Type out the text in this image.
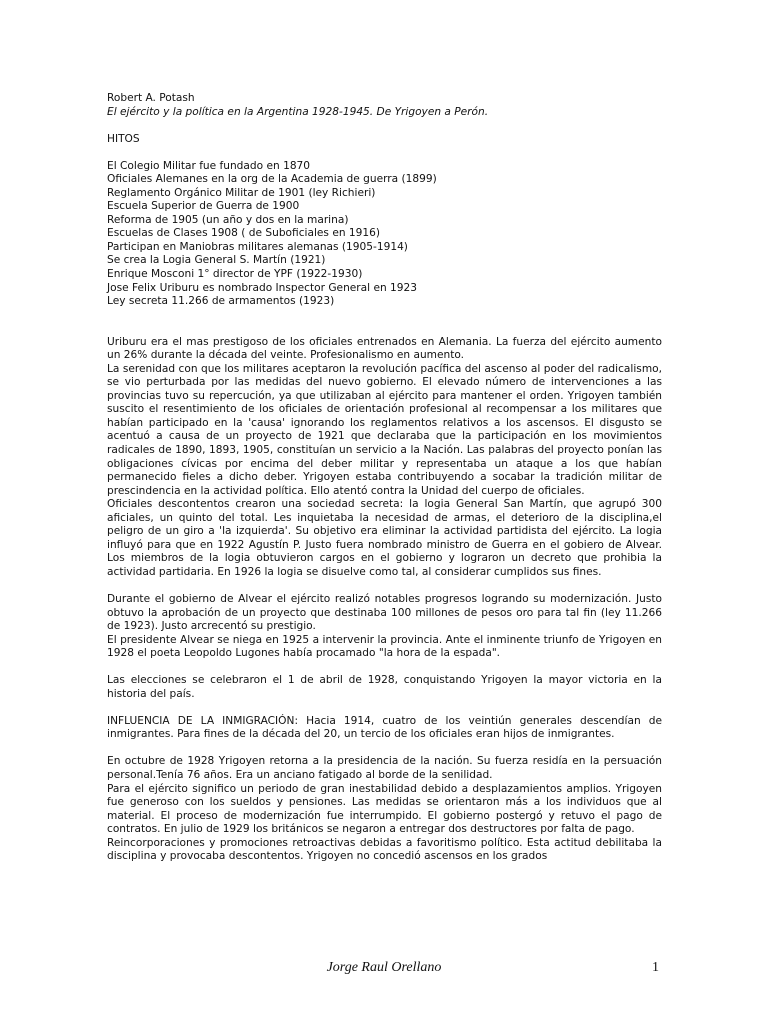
Robert A. Potash

El ejército y la política en la Argentina 1928-1945. De Yrigoyen a Perón.

HITOS

El Colegio Militar fue fundado en 1870
Oficiales Alemanes en la org de la Academia de guerra (1899)
Reglamento Orgánico Militar de 1901 (ley Richieri)
Escuela Superior de Guerra de 1900
Reforma de 1905 (un año y dos en la marina)
Escuelas de Clases 1908 ( de Suboficiales en 1916)
Participan en Maniobras militares alemanas (1905-1914)
Se crea la Logia General S. Martín (1921)
Enrique Mosconi 1° director de YPF (1922-1930)
Jose Felix Uriburu es nombrado Inspector General en 1923
Ley secreta 11.266 de armamentos (1923)

Uriburu era el mas prestigoso de los oficiales entrenados en Alemania. La fuerza del ejército aumento un 26% durante la década del veinte. Profesionalismo en aumento.

La serenidad con que los militares aceptaron la revolución pacífica del ascenso al poder del radicalismo, se vio perturbada por las medidas del nuevo gobierno. El elevado número de intervenciones a las provincias tuvo su repercución, ya que utilizaban al ejército para mantener el orden. Yrigoyen también suscito el resentimiento de los oficiales de orientación profesional al recompensar a los militares que habían participado en la 'causa' ignorando los reglamentos relativos a los ascensos. El disgusto se acentuó a causa de un proyecto de 1921 que declaraba que la participación en los movimientos radicales de 1890, 1893, 1905, constituían un servicio a la Nación. Las palabras del proyecto ponían las obligaciones cívicas por encima del deber militar y representaba un ataque a los que habían permanecido fieles a dicho deber. Yrigoyen estaba contribuyendo a socabar la tradición militar de prescindencia en la actividad política. Ello atentó contra la Unidad del cuerpo de oficiales.

Oficiales descontentos crearon una sociedad secreta: la logia General San Martín, que agrupó 300 aficiales, un quinto del total. Les inquietaba la necesidad de armas, el deterioro de la disciplina,el peligro de un giro a 'la izquierda'. Su objetivo era eliminar la actividad partidista del ejército. La logia influyó para que en 1922 Agustín P. Justo fuera nombrado ministro de Guerra en el gobiero de Alvear. Los miembros de la logia obtuvieron cargos en el gobierno y lograron un decreto que prohibia la actividad partidaria. En 1926 la logia se disuelve como tal, al considerar cumplidos sus fines.

Durante el gobierno de Alvear el ejército realizó notables progresos logrando su modernización. Justo obtuvo la aprobación de un proyecto que destinaba 100 millones de pesos oro para tal fin (ley 11.266 de 1923). Justo arcrecentó su prestigio.

El presidente Alvear se niega en 1925 a intervenir la provincia. Ante el inminente triunfo de Yrigoyen en 1928 el poeta Leopoldo Lugones había procamado "la hora de la espada".

Las elecciones se celebraron el 1 de abril de 1928, conquistando Yrigoyen la mayor victoria en la historia del país.

INFLUENCIA DE LA INMIGRACIÓN: Hacia 1914, cuatro de los veintiún generales descendían de inmigrantes. Para fines de la década del 20, un tercio de los oficiales eran hijos de inmigrantes.

En octubre de 1928 Yrigoyen retorna a la presidencia de la nación. Su fuerza residía en la persuación personal.Tenía 76 años. Era un anciano fatigado al borde de la senilidad.

Para el ejército significo un periodo de gran inestabilidad debido a desplazamientos amplios. Yrigoyen fue generoso con los sueldos y pensiones. Las medidas se orientaron más a los individuos que al material. El proceso de modernización fue interrumpido. El gobierno postergó y retuvo el pago de contratos. En julio de 1929 los británicos se negaron a entregar dos destructores por falta de pago.

Reincorporaciones y promociones retroactivas debidas a favoritismo político. Esta actitud debilitaba la disciplina y provocaba descontentos. Yrigoyen no concedió ascensos en los grados

Jorge Raul Orellano	1
